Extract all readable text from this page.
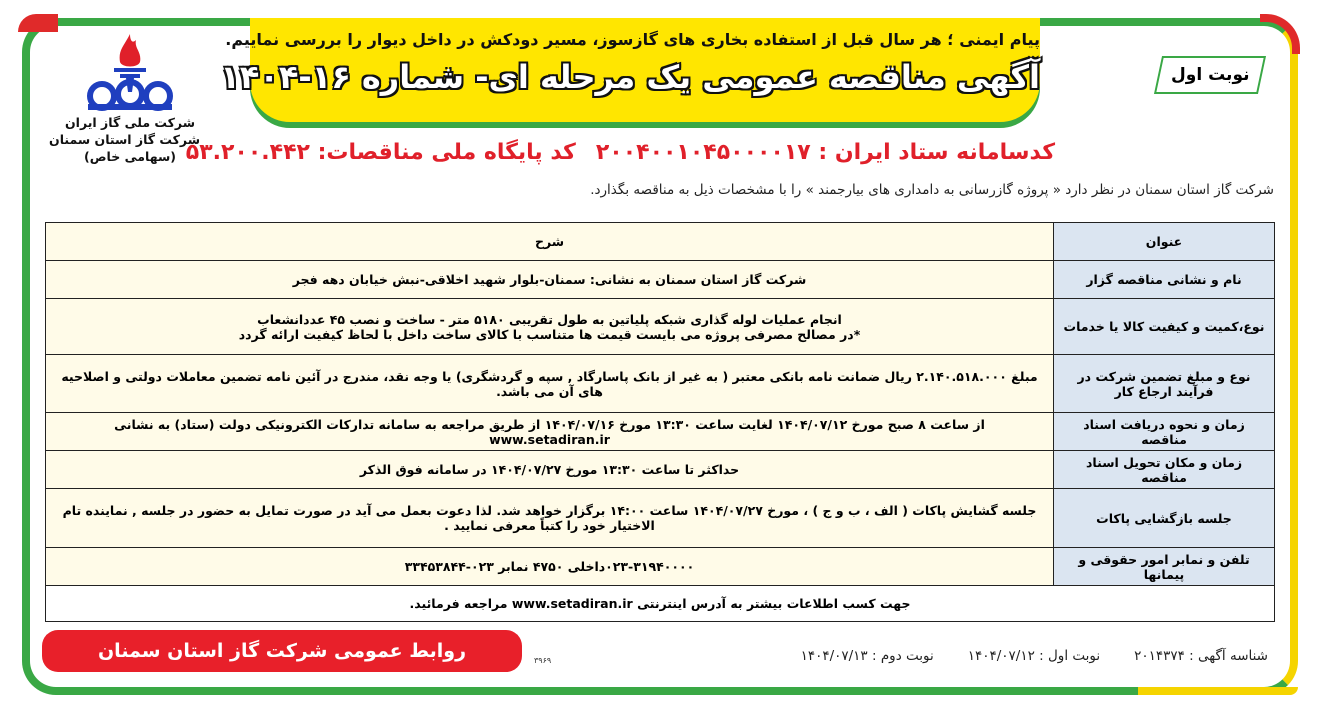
پیام ایمنی ؛ هر سال قبل از استفاده بخاری های گازسوز، مسیر دودکش در داخل دیوار را بررسی نماییم.
آگهی مناقصه عمومی یک مرحله ای- شماره ۱۶-۱۴۰۴	نوبت اول
شرکت ملی گاز ایران
شرکت گاز استان سمنان
(سهامی خاص)	کدسامانه ستاد ایران : ۲۰۰۴۰۰۱۰۴۵۰۰۰۰۱۷کد پایگاه ملی مناقصات: ۵۳.۲۰۰.۴۴۲
شرکت گاز استان سمنان در نظر دارد « پروژه گازرسانی به دامداری های بیارجمند » را با مشخصات ذیل به مناقصه بگذارد.
عنوان	شرح
نام و نشانی مناقصه گزار	شرکت گاز استان سمنان به نشانی: سمنان-بلوار شهید اخلاقی-نبش خیابان دهه فجر
نوع،کمیت و کیفیت کالا یا خدمات	انجام عملیات لوله گذاری شبکه پلیاتین به طول تقریبی ۵۱۸۰ متر - ساخت و نصب ۴۵ عددانشعاب
*در مصالح مصرفی پروژه می بایست قیمت ها متناسب با کالای ساخت داخل با لحاظ کیفیت ارائه گردد

نوع و مبلغ تضمین شرکت در فرآیند ارجاع کار	مبلغ ۲.۱۴۰.۵۱۸.۰۰۰ ریال ضمانت نامه بانکی معتبر ( به غیر از بانک پاسارگاد , سپه و گردشگری) یا وجه نقد، مندرج در آئین نامه تضمین معاملات دولتی و اصلاحیه های آن می باشد.
زمان و نحوه دریافت اسناد مناقصه	از ساعت ۸ صبح مورخ ۱۴۰۴/۰۷/۱۲ لغایت ساعت ۱۳:۳۰ مورخ ۱۴۰۴/۰۷/۱۶ از طریق مراجعه به سامانه تدارکات الکترونیکی دولت (ستاد) به نشانی www.setadiran.ir
زمان و مکان تحویل اسناد مناقصه	حداکثر تا ساعت ۱۳:۳۰ مورخ ۱۴۰۴/۰۷/۲۷ در سامانه فوق الذکر
جلسه بازگشایی پاکات	جلسه گشایش پاکات ( الف ، ب و ج ) ، مورخ ۱۴۰۴/۰۷/۲۷ ساعت ۱۴:۰۰ برگزار خواهد شد. لذا دعوت بعمل می آید در صورت تمایل به حضور در جلسه , نماینده تام الاختیار خود را کتباً معرفی نمایید .
تلفن و نمابر امور حقوقی و پیمانها	۰۲۳-۳۱۹۴۰۰۰۰داخلی ۴۷۵۰ نمابر ۰۲۳-۳۳۴۵۳۸۴۴
جهت کسب اطلاعات بیشتر به آدرس اینترنتی www.setadiran.ir مراجعه فرمائید.	
روابط عمومی شرکت گاز استان سمنان	۳۹۶۹	شناسه آگهی : ۲۰۱۴۳۷۴نوبت اول : ۱۴۰۴/۰۷/۱۲نوبت دوم : ۱۴۰۴/۰۷/۱۳
